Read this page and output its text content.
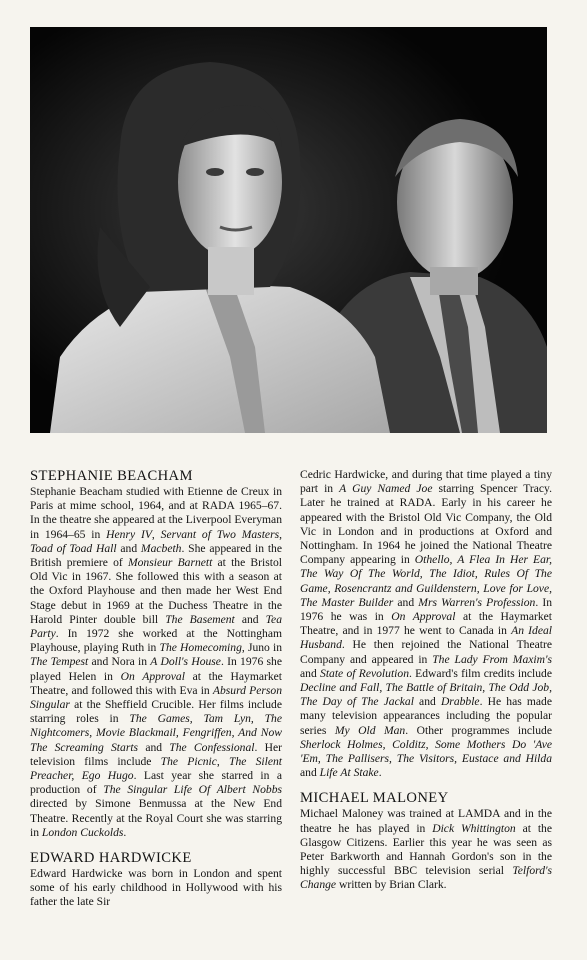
STEPHANIE BEACHAM

Stephanie Beacham studied with Etienne de Creux in Paris at mime school, 1964, and at RADA 1965–67. In the theatre she appeared at the Liverpool Everyman in 1964–65 in Henry IV, Servant of Two Masters, Toad of Toad Hall and Macbeth. She appeared in the British premiere of Monsieur Barnett at the Bristol Old Vic in 1967. She followed this with a season at the Oxford Playhouse and then made her West End Stage debut in 1969 at the Duchess Theatre in the Harold Pinter double bill The Basement and Tea Party. In 1972 she worked at the Nottingham Playhouse, playing Ruth in The Homecoming, Juno in The Tempest and Nora in A Doll's House. In 1976 she played Helen in On Approval at the Haymarket Theatre, and followed this with Eva in Absurd Person Singular at the Sheffield Crucible. Her films include starring roles in The Games, Tam Lyn, The Nightcomers, Movie Blackmail, Fengriffen, And Now The Screaming Starts and The Confessional. Her television films include The Picnic, The Silent Preacher, Ego Hugo. Last year she starred in a production of The Singular Life Of Albert Nobbs directed by Simone Benmussa at the New End Theatre. Recently at the Royal Court she was starring in London Cuckolds.

EDWARD HARDWICKE

Edward Hardwicke was born in London and spent some of his early childhood in Hollywood with his father the late Sir

Cedric Hardwicke, and during that time played a tiny part in A Guy Named Joe starring Spencer Tracy. Later he trained at RADA. Early in his career he appeared with the Bristol Old Vic Company, the Old Vic in London and in productions at Oxford and Nottingham. In 1964 he joined the National Theatre Company appearing in Othello, A Flea In Her Ear, The Way Of The World, The Idiot, Rules Of The Game, Rosencrantz and Guildenstern, Love for Love, The Master Builder and Mrs Warren's Profession. In 1976 he was in On Approval at the Haymarket Theatre, and in 1977 he went to Canada in An Ideal Husband. He then rejoined the National Theatre Company and appeared in The Lady From Maxim's and State of Revolution. Edward's film credits include Decline and Fall, The Battle of Britain, The Odd Job, The Day of The Jackal and Drabble. He has made many television appearances including the popular series My Old Man. Other programmes include Sherlock Holmes, Colditz, Some Mothers Do 'Ave 'Em, The Pallisers, The Visitors, Eustace and Hilda and Life At Stake.

MICHAEL MALONEY

Michael Maloney was trained at LAMDA and in the theatre he has played in Dick Whittington at the Glasgow Citizens. Earlier this year he was seen as Peter Barkworth and Hannah Gordon's son in the highly successful BBC television serial Telford's Change written by Brian Clark.
